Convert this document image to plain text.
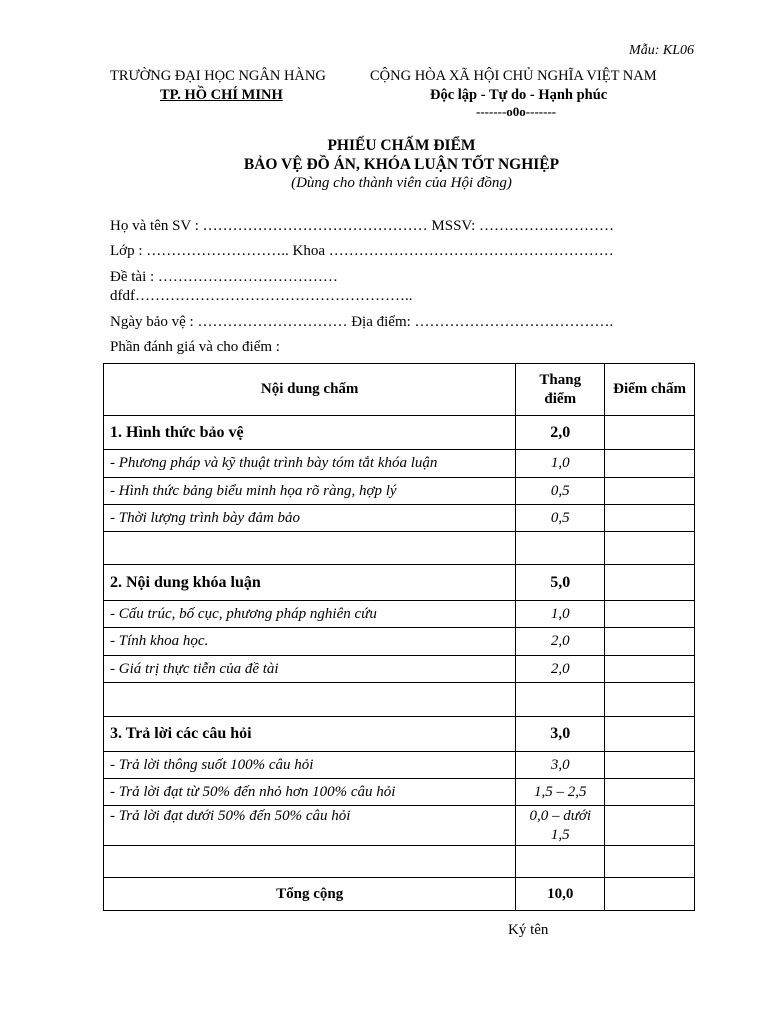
Mẫu: KL06
TRƯỜNG ĐẠI HỌC NGÂN HÀNG
TP. HỒ CHÍ MINH
CỘNG HÒA XÃ HỘI CHỦ NGHĨA VIỆT NAM
Độc lập - Tự do - Hạnh phúc
-------o0o-------
PHIẾU CHẤM ĐIỂM
BẢO VỆ ĐỒ ÁN, KHÓA LUẬN TỐT NGHIỆP
(Dùng cho thành viên của Hội đồng)
Họ và tên SV : ……………………………………… MSSV: ………………………
Lớp : ……………………….. Khoa …………………………………………………
Đề tài : ………………………………
dfdf………………………………………………..
Ngày bảo vệ : ………………………… Địa điểm: ………………………………….
Phần đánh giá và cho điểm :
Nội dung chấm	Thang điểm	Điểm chấm
1. Hình thức bảo vệ	2,0	
- Phương pháp và kỹ thuật trình bày tóm tắt khóa luận	1,0	
- Hình thức bảng biểu minh họa rõ ràng, hợp lý	0,5	
- Thời lượng trình bày đảm bảo	0,5	

2. Nội dung khóa luận	5,0	
- Cấu trúc, bố cục, phương pháp nghiên cứu	1,0	
- Tính khoa học.	2,0	
- Giá trị thực tiễn của đề tài	2,0	

3. Trả lời các câu hỏi	3,0	
- Trả lời thông suốt 100% câu hỏi	3,0	
- Trả lời đạt từ 50% đến nhỏ hơn 100% câu hỏi	1,5 – 2,5	
- Trả lời đạt dưới 50% đến 50% câu hỏi	0,0 – dưới 1,5	

Tổng cộng	10,0	
Ký tên
